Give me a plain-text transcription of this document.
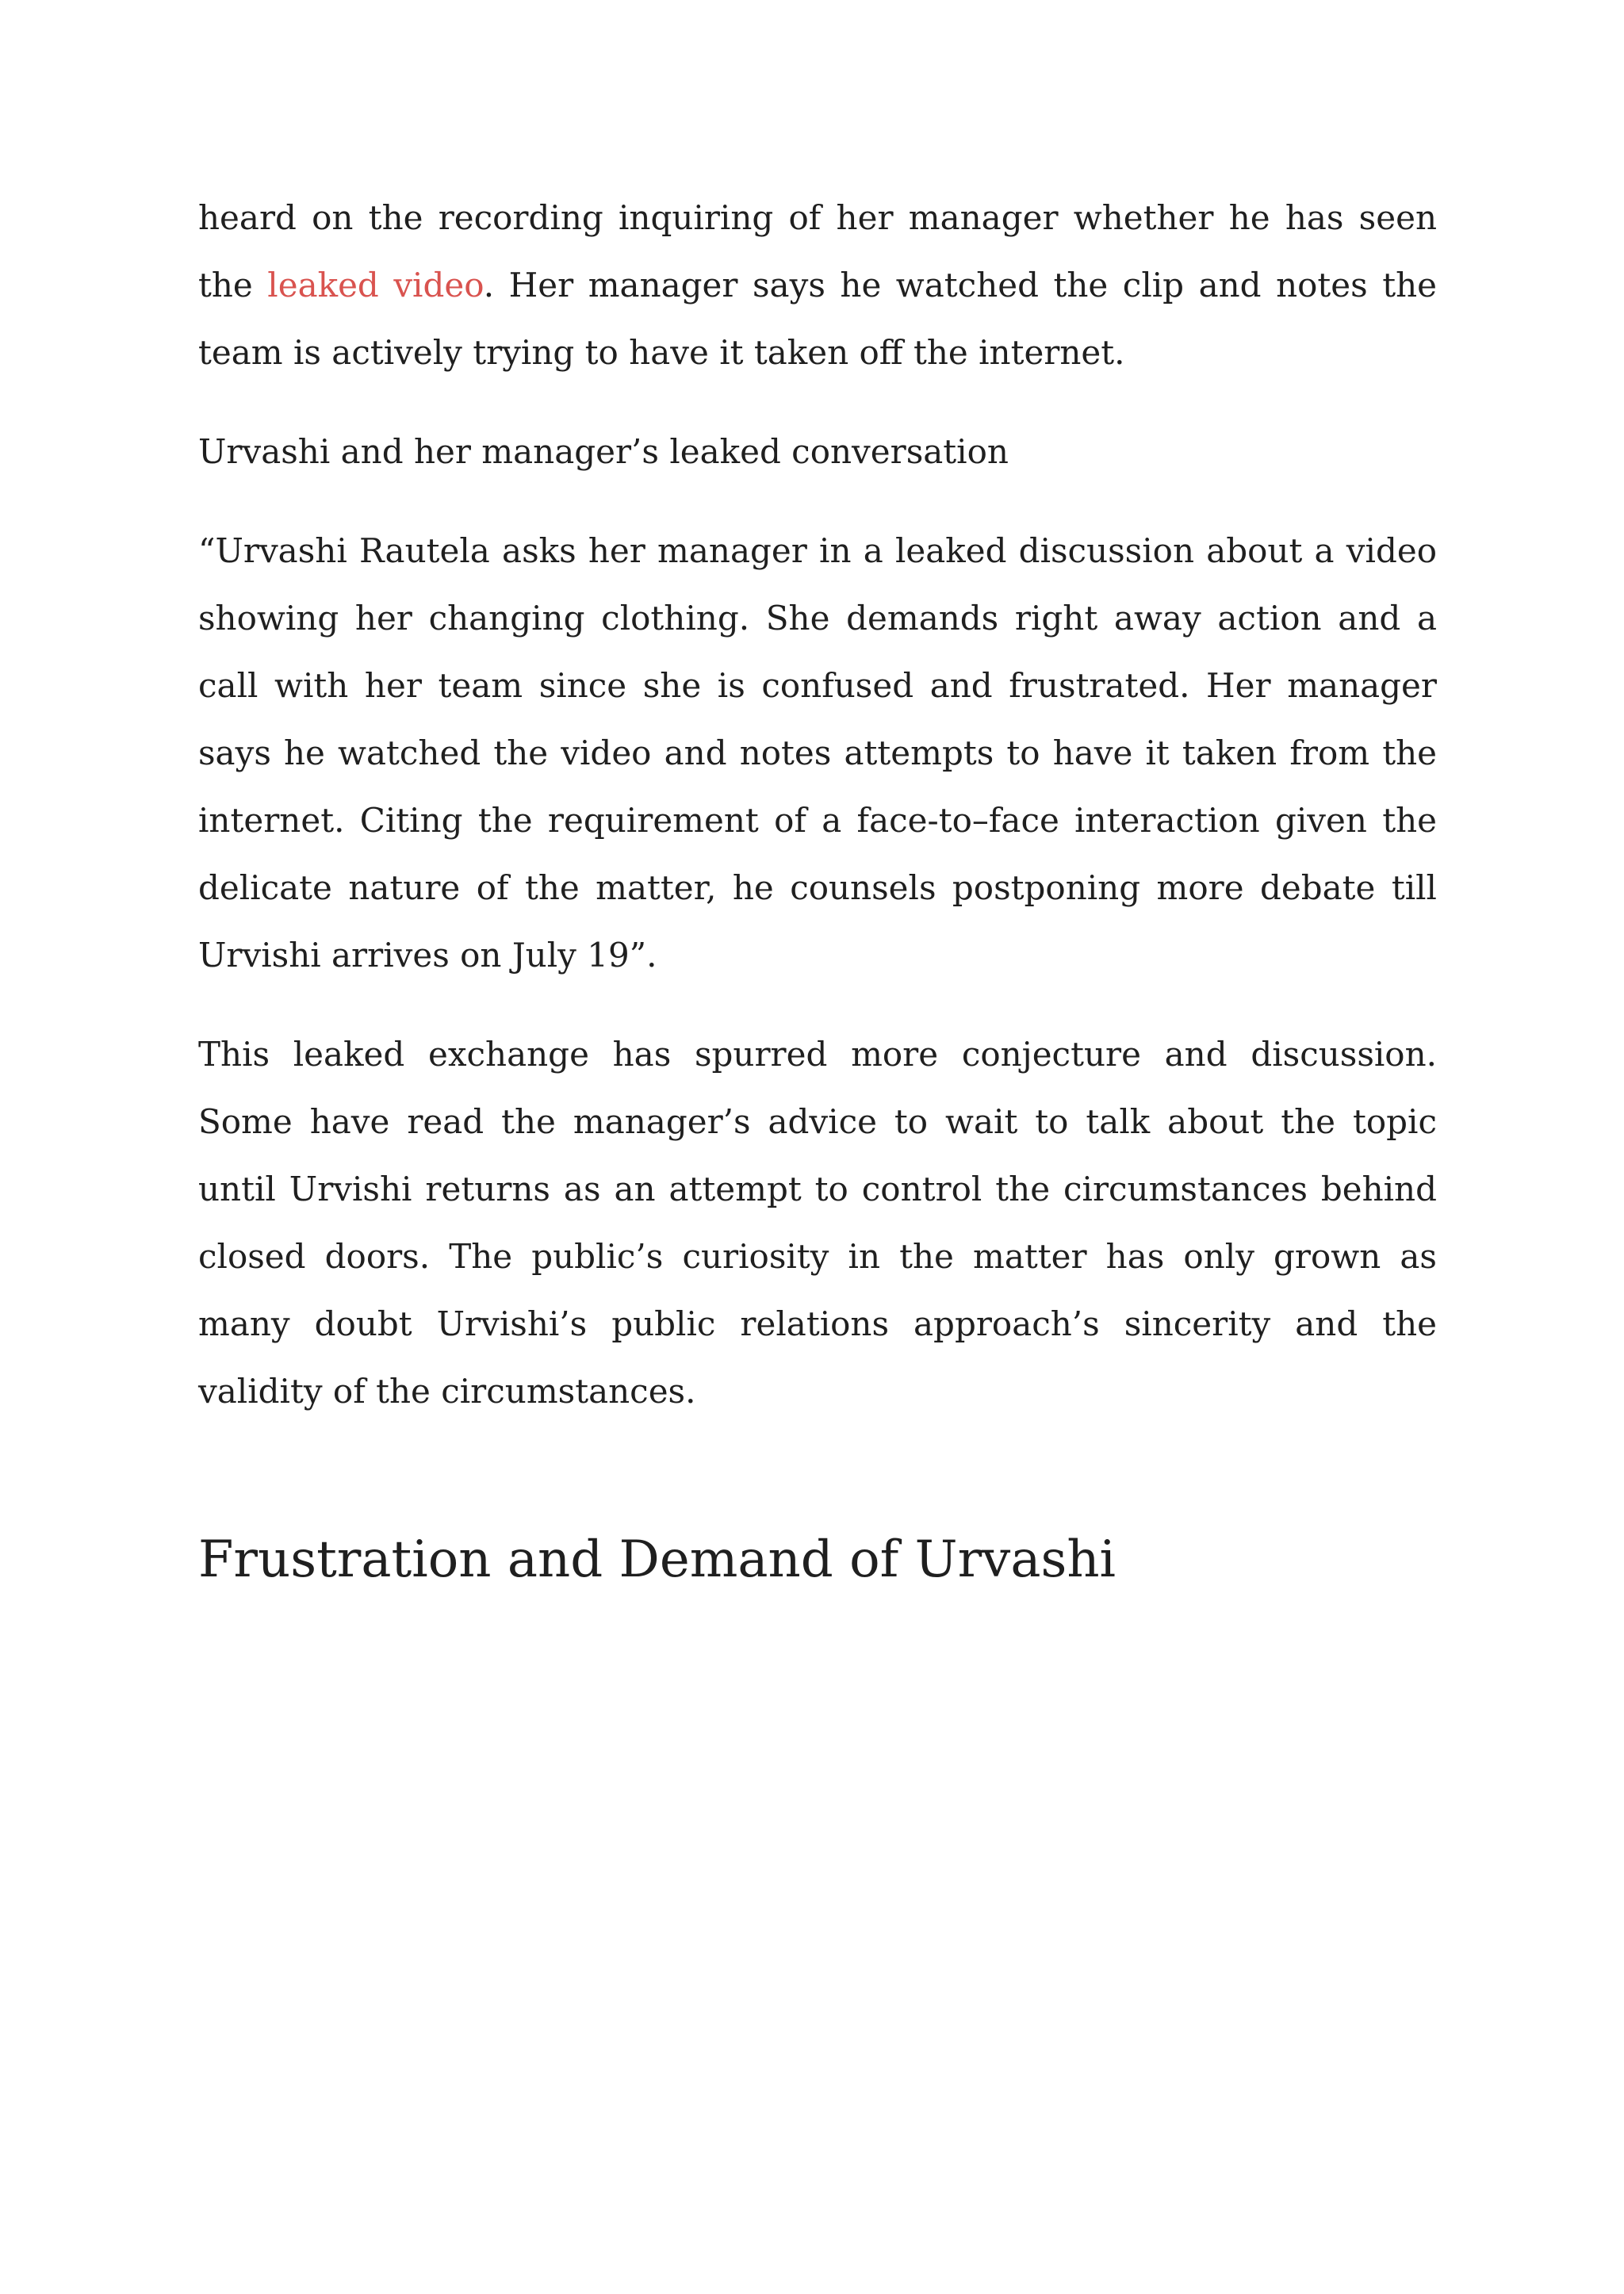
heard on the recording inquiring of her manager whether he has seen the leaked video. Her manager says he watched the clip and notes the team is actively trying to have it taken off the internet.

Urvashi and her manager’s leaked conversation

“Urvashi Rautela asks her manager in a leaked discussion about a video showing her changing clothing. She demands right away action and a call with her team since she is confused and frustrated. Her manager says he watched the video and notes attempts to have it taken from the internet. Citing the requirement of a face-to–face interaction given the delicate nature of the matter, he counsels postponing more debate till Urvishi arrives on July 19”.

This leaked exchange has spurred more conjecture and discussion. Some have read the manager’s advice to wait to talk about the topic until Urvishi returns as an attempt to control the circumstances behind closed doors. The public’s curiosity in the matter has only grown as many doubt Urvishi’s public relations approach’s sincerity and the validity of the circumstances.

Frustration and Demand of Urvashi
